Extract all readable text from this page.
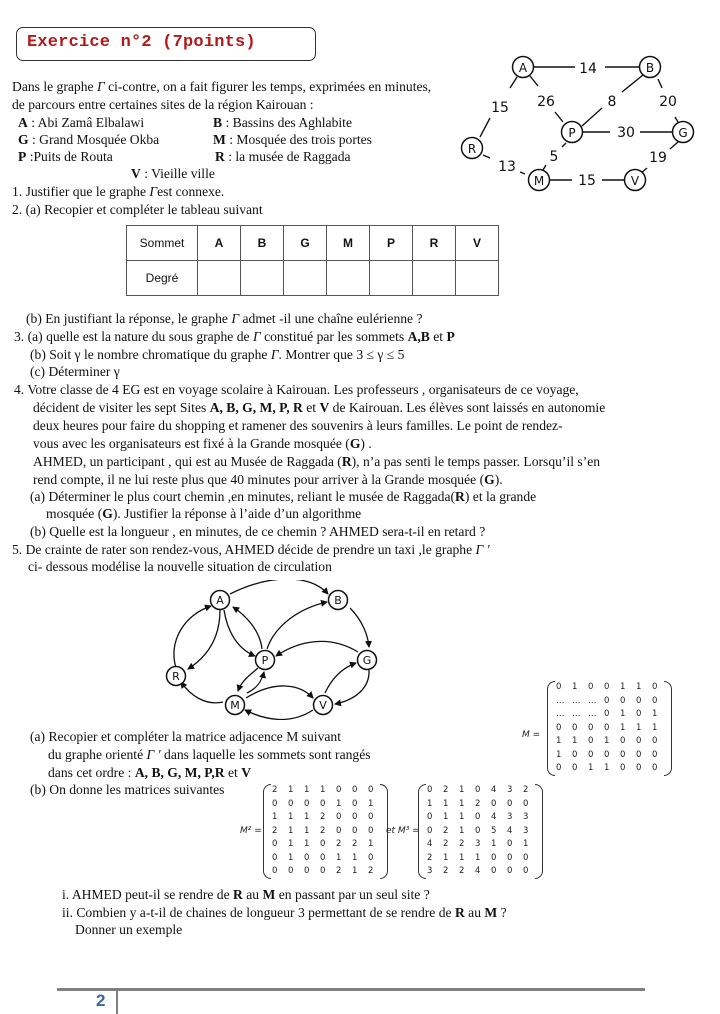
Exercice n°2 (7points)
Dans le graphe Γ ci-contre, on a fait figurer les temps, exprimées en minutes,
de parcours entre certaines sites de la région Kairouan :
A : Abi Zamâ Elbalawi	B : Bassins des Aghlabite
G : Grand Mosquée Okba	M : Mosquée des trois portes
P :Puits de Routa	R : la musée de Raggada
V : Vieille ville
A	B
P	G
R
M	V
14
15 26	8	20
30
5
13
15
19
1. Justifier que le graphe Γest connexe.
2. (a) Recopier et compléter le tableau suivant
Sommet	A	B	G	M	P	R	V
Degré							
(b) En justifiant la réponse, le graphe Γ admet -il une chaîne eulérienne ?
3. (a) quelle est la nature du sous graphe de Γ constitué par les sommets A,B et P
(b) Soit γ le nombre chromatique du graphe Γ. Montrer que 3 ≤ γ ≤ 5
(c) Déterminer γ
4. Votre classe de 4 EG est en voyage scolaire à Kairouan. Les professeurs , organisateurs de ce voyage,
décident de visiter les sept Sites A, B, G, M, P, R et V de Kairouan. Les élèves sont laissés en autonomie
deux heures pour faire du shopping et ramener des souvenirs à leurs familles. Le point de rendez-
vous avec les organisateurs est fixé à la Grande mosquée (G) .
AHMED, un participant , qui est au Musée de Raggada (R), n’a pas senti le temps passer. Lorsqu’il s’en
rend compte, il ne lui reste plus que 40 minutes pour arriver à la Grande mosquée (G).
(a) Déterminer le plus court chemin ,en minutes, reliant le musée de Raggada(R) et la grande
mosquée (G). Justifier la réponse à l’aide d’un algorithme
(b) Quelle est la longueur , en minutes, de ce chemin ? AHMED sera-t-il en retard ?
5. De crainte de rater son rendez-vous, AHMED décide de prendre un taxi ,le graphe Γ ′
ci- dessous modélise la nouvelle situation de circulation
A	B
P	G
R
M	V
M =
0	1	0	0	1	1	0
… … … 0	0	0	0
… … … 0	1	0	1
0	0	0	0	1	1	1
1	1	0	1	0	0	0
1	0	0	0	0	0	0
0	0	1	1	0	0	0
(a) Recopier et compléter la matrice adjacence M suivant
du graphe orienté Γ ′ dans laquelle les sommets sont rangés
dans cet ordre : A, B, G, M, P,R et V
(b) On donne les matrices suivantes
M² =
2	1	1	1	0	0	0
0	0	0	0	1	0	1
1	1	1	2	0	0	0
2	1	1	2	0	0	0
0	1	1	0	2	2	1
0	1	0	0	1	1	0
0	0	0	0	2	1	2
et M³ =
0	2	1	0	4	3	2
1	1	1	2	0	0	0
0	1	1	0	4	3	3
0	2	1	0	5	4	3
4	2	2	3	1	0	1
2	1	1	1	0	0	0
3	2	2	4	0	0	0
i. AHMED peut-il se rendre de R au M en passant par un seul site ?
ii. Combien y a-t-il de chaines de longueur 3 permettant de se rendre de R au M ?
Donner un exemple
2
